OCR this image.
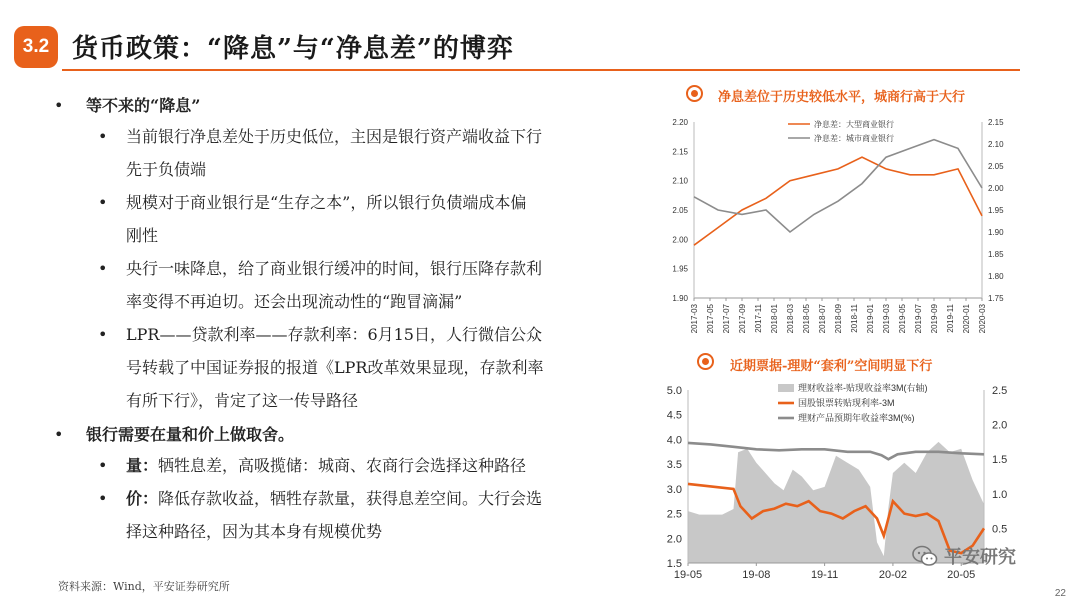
3.2 货币政策：“降息”与“净息差”的博弈
• 等不来的“降息”
• 当前银行净息差处于历史低位，主因是银行资产端收益下行
先于负债端
• 规模对于商业银行是“生存之本”，所以银行负债端成本偏
刚性
• 央行一味降息，给了商业银行缓冲的时间，银行压降存款利
率变得不再迫切。还会出现流动性的“跑冒滴漏”
• LPR——贷款利率——存款利率：6月15日，人行微信公众
号转载了中国证券报的报道《LPR改革效果显现，存款利率
有所下行》，肯定了这一传导路径
• 银行需要在量和价上做取舍。
• 量：牺牲息差，高吸揽储：城商、农商行会选择这种路径
• 价：降低存款收益，牺牲存款量，获得息差空间。大行会选
择这种路径，因为其本身有规模优势
资料来源：Wind，平安证券研究所
22
净息差位于历史较低水平，城商行高于大行
2.20
2.15
2.10
2.05
2.00
1.95
1.90
2.15
2.10
2.05
2.00
1.95
1.90
1.85
1.80
1.75
2017-03 2017-05 2017-07 2017-09 2017-11 2018-01 2018-03 2018-05 2018-07 2018-09 2018-11 2019-01 2019-03 2019-05 2019-07 2019-09 2019-11 2020-01 2020-03
净息差：大型商业银行
净息差：城市商业银行
近期票据-理财“套利”空间明显下行
5.0
4.5
4.0
3.5
3.0
2.5
2.0
1.5
2.5
2.0
1.5
1.0
0.5
19-05	19-08	19-11	20-02	20-05
理财收益率-贴现收益率3M(右轴)
国股银票转贴现利率-3M
理财产品预期年收益率3M(%)
平安研究
